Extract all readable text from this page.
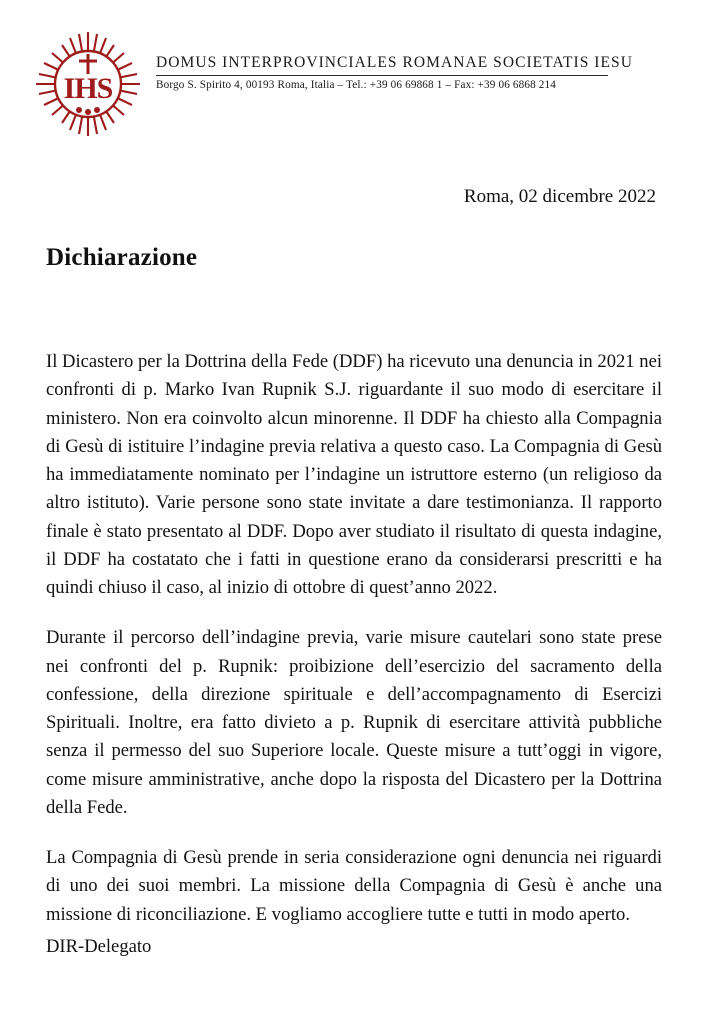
IHS
DOMUS INTERPROVINCIALES ROMANAE SOCIETATIS IESU
Borgo S. Spirito 4, 00193 Roma, Italia – Tel.: +39 06 69868 1 – Fax: +39 06 6868 214
Roma, 02 dicembre 2022
Dichiarazione

Il Dicastero per la Dottrina della Fede (DDF) ha ricevuto una denuncia in 2021 nei confronti di p. Marko Ivan Rupnik S.J. riguardante il suo modo di esercitare il ministero. Non era coinvolto alcun minorenne. Il DDF ha chiesto alla Compagnia di Gesù di istituire l’indagine previa relativa a questo caso. La Compagnia di Gesù ha immediatamente nominato per l’indagine un istruttore esterno (un religioso da altro istituto). Varie persone sono state invitate a dare testimonianza. Il rapporto finale è stato presentato al DDF. Dopo aver studiato il risultato di questa indagine, il DDF ha costatato che i fatti in questione erano da considerarsi prescritti e ha quindi chiuso il caso, al inizio di ottobre di quest’anno 2022.

Durante il percorso dell’indagine previa, varie misure cautelari sono state prese nei confronti del p. Rupnik: proibizione dell’esercizio del sacramento della confessione, della direzione spirituale e dell’accompagnamento di Esercizi Spirituali. Inoltre, era fatto divieto a p. Rupnik di esercitare attività pubbliche senza il permesso del suo Superiore locale. Queste misure a tutt’oggi in vigore, come misure amministrative, anche dopo la risposta del Dicastero per la Dottrina della Fede.

La Compagnia di Gesù prende in seria considerazione ogni denuncia nei riguardi di uno dei suoi membri. La missione della Compagnia di Gesù è anche una missione di riconciliazione. E vogliamo accogliere tutte e tutti in modo aperto.

DIR-Delegato
